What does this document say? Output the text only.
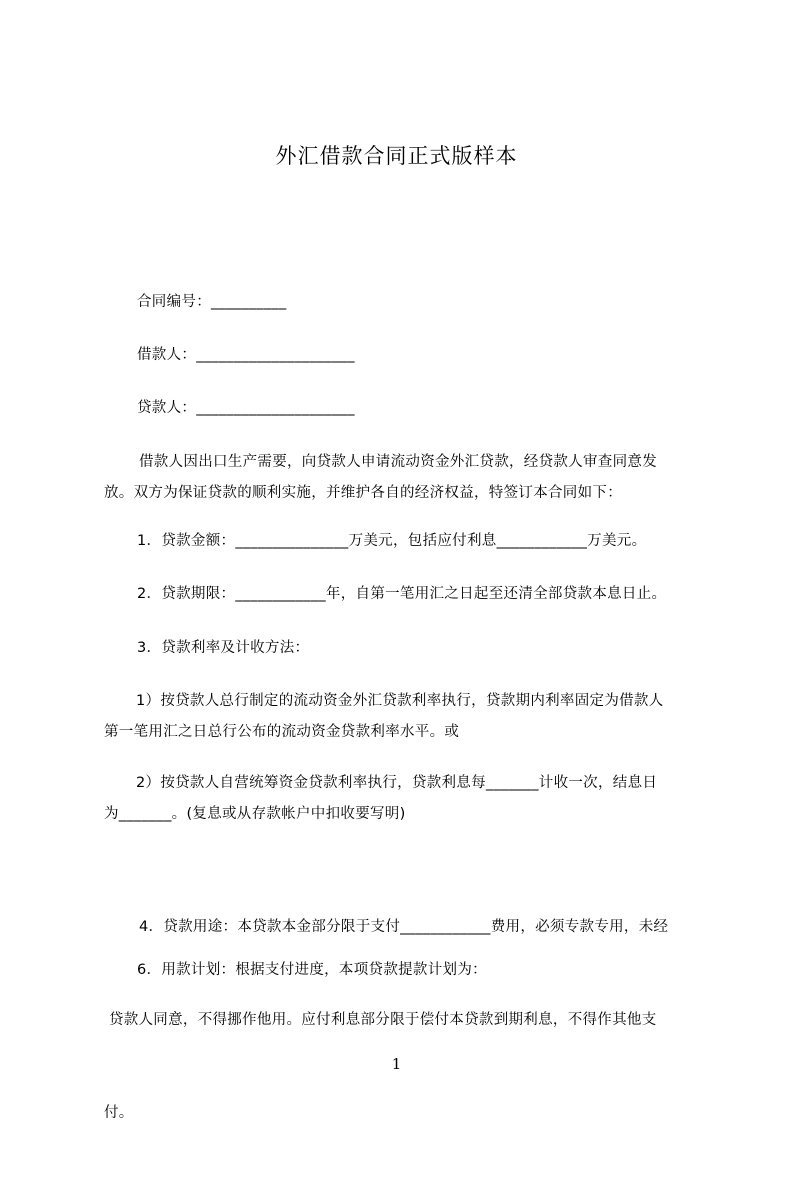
外汇借款合同正式版样本
合同编号：__________
借款人：_____________________
贷款人：_____________________
借款人因出口生产需要，向贷款人申请流动资金外汇贷款，经贷款人审查同意发
放。双方为保证贷款的顺利实施，并维护各自的经济权益，特签订本合同如下：
1．贷款金额：_______________万美元，包括应付利息____________万美元。
2．贷款期限：____________年，自第一笔用汇之日起至还清全部贷款本息日止。
3．贷款利率及计收方法：
1）按贷款人总行制定的流动资金外汇贷款利率执行，贷款期内利率固定为借款人
第一笔用汇之日总行公布的流动资金贷款利率水平。或
2）按贷款人自营统筹资金贷款利率执行，贷款利息每_______计收一次，结息日
为_______。(复息或从存款帐户中扣收要写明)

4．贷款用途：本贷款本金部分限于支付____________费用，必须专款专用，未经

贷款人同意，不得挪作他用。应付利息部分限于偿付本贷款到期利息，不得作其他支

付。

6．用款计划：根据支付进度，本项贷款提款计划为：
1
